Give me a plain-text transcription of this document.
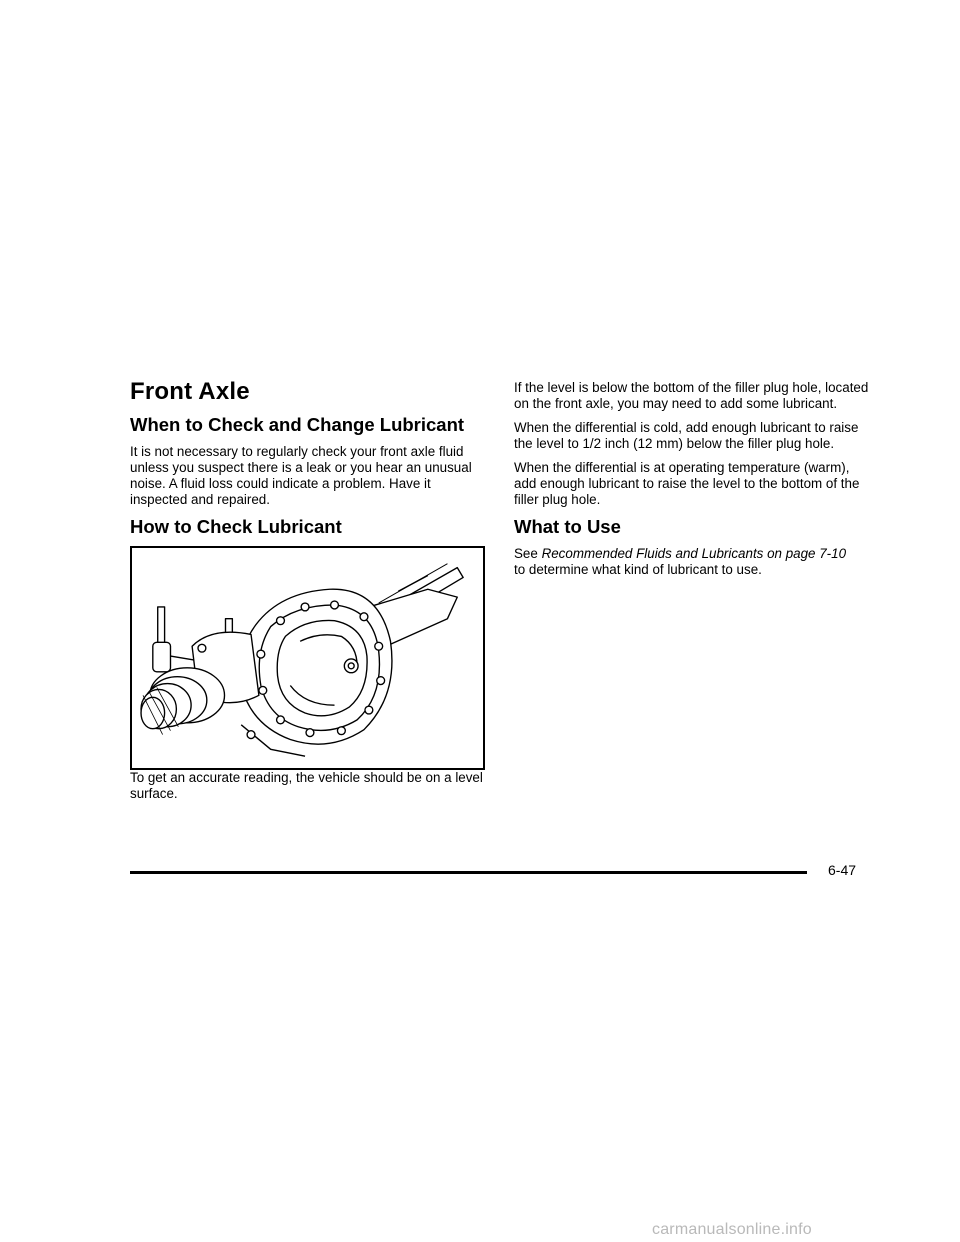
Front Axle
When to Check and Change Lubricant

It is not necessary to regularly check your front axle fluid unless you suspect there is a leak or you hear an unusual noise. A fluid loss could indicate a problem. Have it inspected and repaired.

How to Check Lubricant

To get an accurate reading, the vehicle should be on a level surface.

If the level is below the bottom of the filler plug hole, located on the front axle, you may need to add some lubricant.

When the differential is cold, add enough lubricant to raise the level to 1/2 inch (12 mm) below the filler plug hole.

When the differential is at operating temperature (warm), add enough lubricant to raise the level to the bottom of the filler plug hole.

What to Use

See Recommended Fluids and Lubricants on page 7-10
to determine what kind of lubricant to use.

6-47
carmanualsonline.info
